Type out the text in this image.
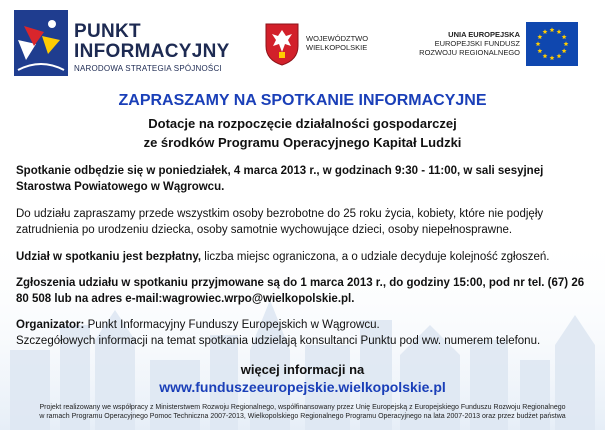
PUNKT
INFORMACYJNY
NARODOWA STRATEGIA SPÓJNOŚCI
WOJEWÓDZTWO
WIELKOPOLSKIE
UNIA EUROPEJSKA
EUROPEJSKI FUNDUSZ
ROZWOJU REGIONALNEGO
ZAPRASZAMY NA SPOTKANIE INFORMACYJNE
Dotacje na rozpoczęcie działalności gospodarczej
ze środków Programu Operacyjnego Kapitał Ludzki
Spotkanie odbędzie się w poniedziałek, 4 marca 2013 r., w godzinach 9:30 - 11:00, w sali sesyjnej Starostwa Powiatowego w Wągrowcu.
Do udziału zapraszamy przede wszystkim osoby bezrobotne do 25 roku życia, kobiety, które nie podjęły zatrudnienia po urodzeniu dziecka, osoby samotnie wychowujące dzieci, osoby niepełnosprawne.
Udział w spotkaniu jest bezpłatny, liczba miejsc ograniczona, a o udziale decyduje kolejność zgłoszeń.
Zgłoszenia udziału w spotkaniu przyjmowane są do 1 marca 2013 r., do godziny 15:00, pod nr tel. (67) 26 80 508 lub na adres e-mail:wagrowiec.wrpo@wielkopolskie.pl.
Organizator: Punkt Informacyjny Funduszy Europejskich w Wągrowcu.
Szczegółowych informacji na temat spotkania udzielają konsultanci Punktu pod ww. numerem telefonu.
więcej informacji na
www.funduszeeuropejskie.wielkopolskie.pl
Projekt realizowany we współpracy z Ministerstwem Rozwoju Regionalnego, współfinansowany przez Unię Europejską z Europejskiego Funduszu Rozwoju Regionalnego
w ramach Programu Operacyjnego Pomoc Techniczna 2007-2013, Wielkopolskiego Regionalnego Programu Operacyjnego na lata 2007-2013 oraz przez budżet państwa
